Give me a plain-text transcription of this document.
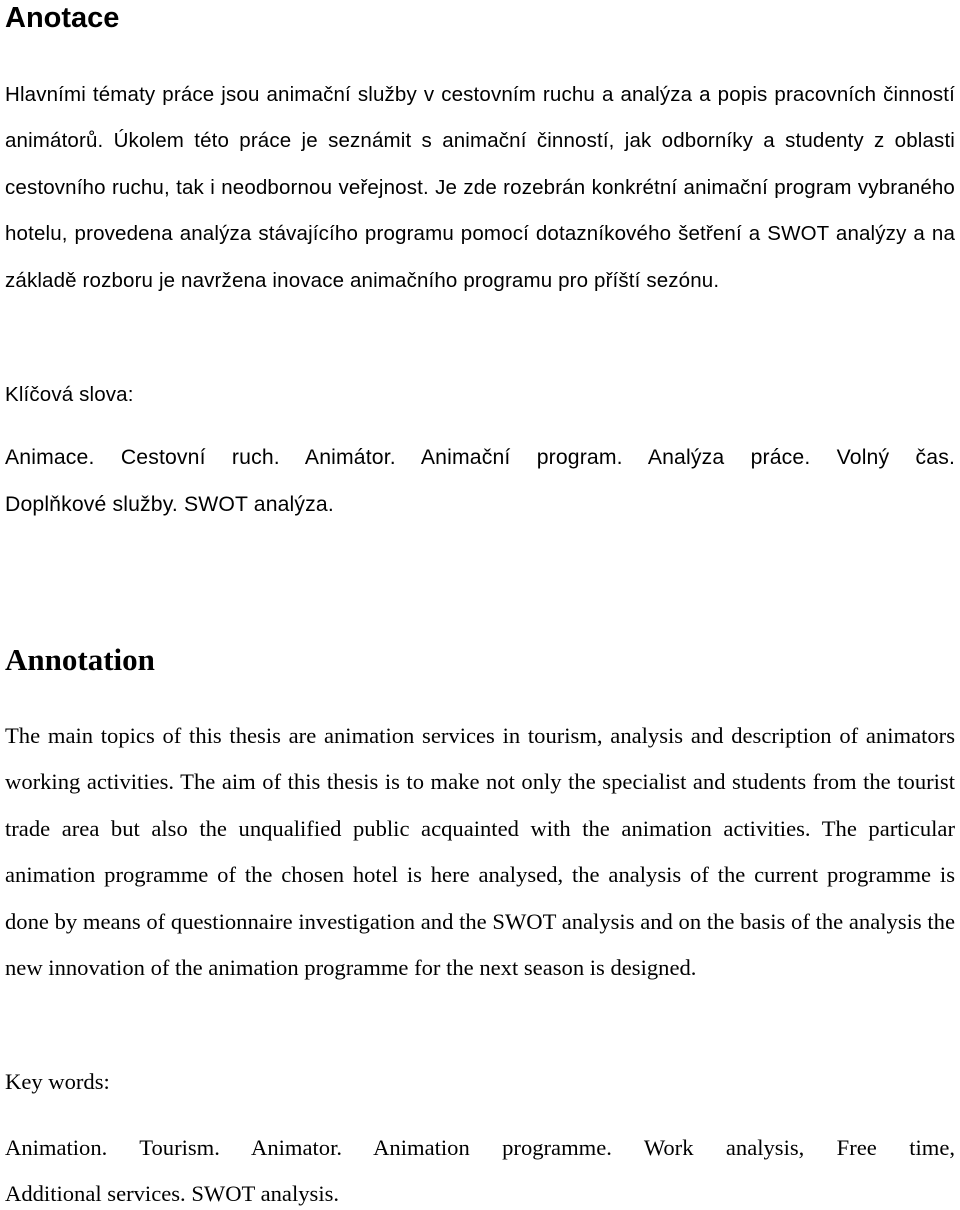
Anotace

Hlavními tématy práce jsou animační služby v cestovním ruchu a analýza a popis pracovních činností animátorů. Úkolem této práce je seznámit s animační činností, jak odborníky a studenty z oblasti cestovního ruchu, tak i neodbornou veřejnost. Je zde rozebrán konkrétní animační program vybraného hotelu, provedena analýza stávajícího programu pomocí dotazníkového šetření a SWOT analýzy a na základě rozboru je navržena inovace animačního programu pro příští sezónu.

Klíčová slova:

Animace. Cestovní ruch. Animátor. Animační program. Analýza práce. Volný čas.

Doplňkové služby. SWOT analýza.

Annotation

The main topics of this thesis are animation services in tourism, analysis and description of animators working activities. The aim of this thesis is to make not only the specialist and students from the tourist trade area but also the unqualified public acquainted with the animation activities. The particular animation programme of the chosen hotel is here analysed, the analysis of the current programme is done by means of questionnaire investigation and the SWOT analysis and on the basis of the analysis the new innovation of the animation programme for the next season is designed.

Key words:

Animation. Tourism. Animator. Animation programme. Work analysis, Free time,

Additional services. SWOT analysis.
